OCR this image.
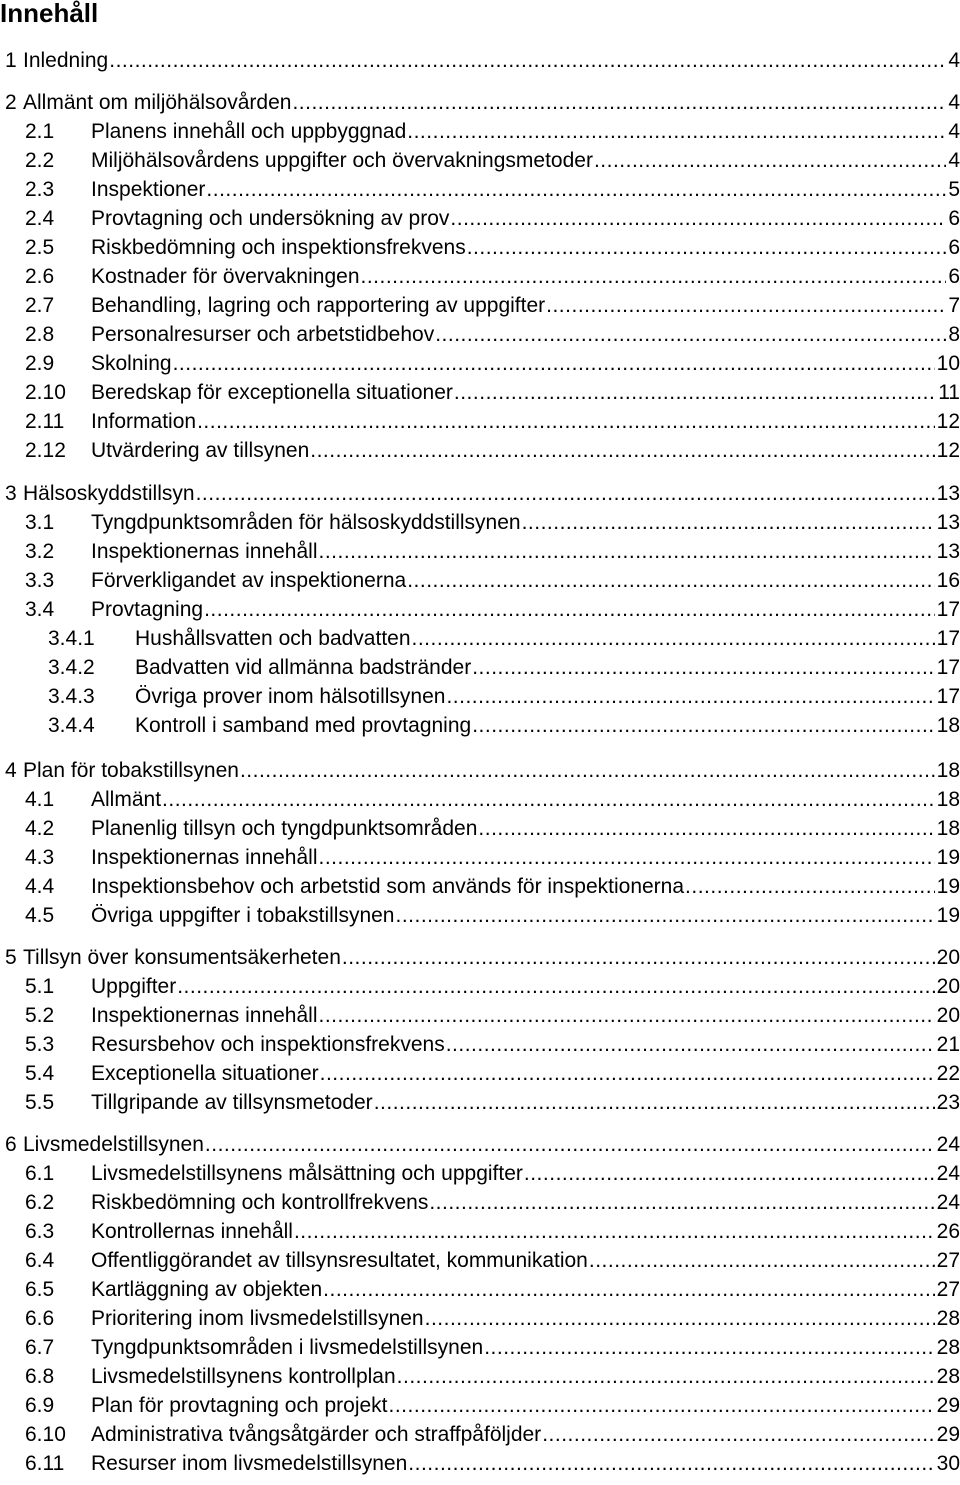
Innehåll
1 Inledning .....	4
2 Allmänt om miljöhälsovården .....	4
2.1	Planens innehåll och uppbyggnad .....	4
2.2	Miljöhälsovårdens uppgifter och övervakningsmetoder .....	4
2.3	Inspektioner .....	5
2.4	Provtagning och undersökning av prov .....	6
2.5	Riskbedömning och inspektionsfrekvens .....	6
2.6	Kostnader för övervakningen .....	6
2.7	Behandling, lagring och rapportering av uppgifter .....	7
2.8	Personalresurser och arbetstidbehov .....	8
2.9	Skolning .....	10
2.10	Beredskap för exceptionella situationer .....	11
2.11	Information .....	12
2.12	Utvärdering av tillsynen .....	12
3 Hälsoskyddstillsyn .....	13
3.1	Tyngdpunktsområden för hälsoskyddstillsynen .....	13
3.2	Inspektionernas innehåll .....	13
3.3	Förverkligandet av inspektionerna .....	16
3.4	Provtagning .....	17
3.4.1	Hushållsvatten och badvatten .....	17
3.4.2	Badvatten vid allmänna badstränder .....	17
3.4.3	Övriga prover inom hälsotillsynen .....	17
3.4.4	Kontroll i samband med provtagning .....	18
4 Plan för tobakstillsynen .....	18
4.1	Allmänt .....	18
4.2	Planenlig tillsyn och tyngdpunktsområden .....	18
4.3	Inspektionernas innehåll .....	19
4.4	Inspektionsbehov och arbetstid som används för inspektionerna .....	19
4.5	Övriga uppgifter i tobakstillsynen .....	19
5 Tillsyn över konsumentsäkerheten .....	20
5.1	Uppgifter .....	20
5.2	Inspektionernas innehåll .....	20
5.3	Resursbehov och inspektionsfrekvens .....	21
5.4	Exceptionella situationer .....	22
5.5	Tillgripande av tillsynsmetoder .....	23
6 Livsmedelstillsynen .....	24
6.1	Livsmedelstillsynens målsättning och uppgifter .....	24
6.2	Riskbedömning och kontrollfrekvens .....	24
6.3	Kontrollernas innehåll .....	26
6.4	Offentliggörandet av tillsynsresultatet, kommunikation .....	27
6.5	Kartläggning av objekten .....	27
6.6	Prioritering inom livsmedelstillsynen .....	28
6.7	Tyngdpunktsområden i livsmedelstillsynen .....	28
6.8	Livsmedelstillsynens kontrollplan .....	28
6.9	Plan för provtagning och projekt .....	29
6.10	Administrativa tvångsåtgärder och straffpåföljder .....	29
6.11	Resurser inom livsmedelstillsynen .....	30
